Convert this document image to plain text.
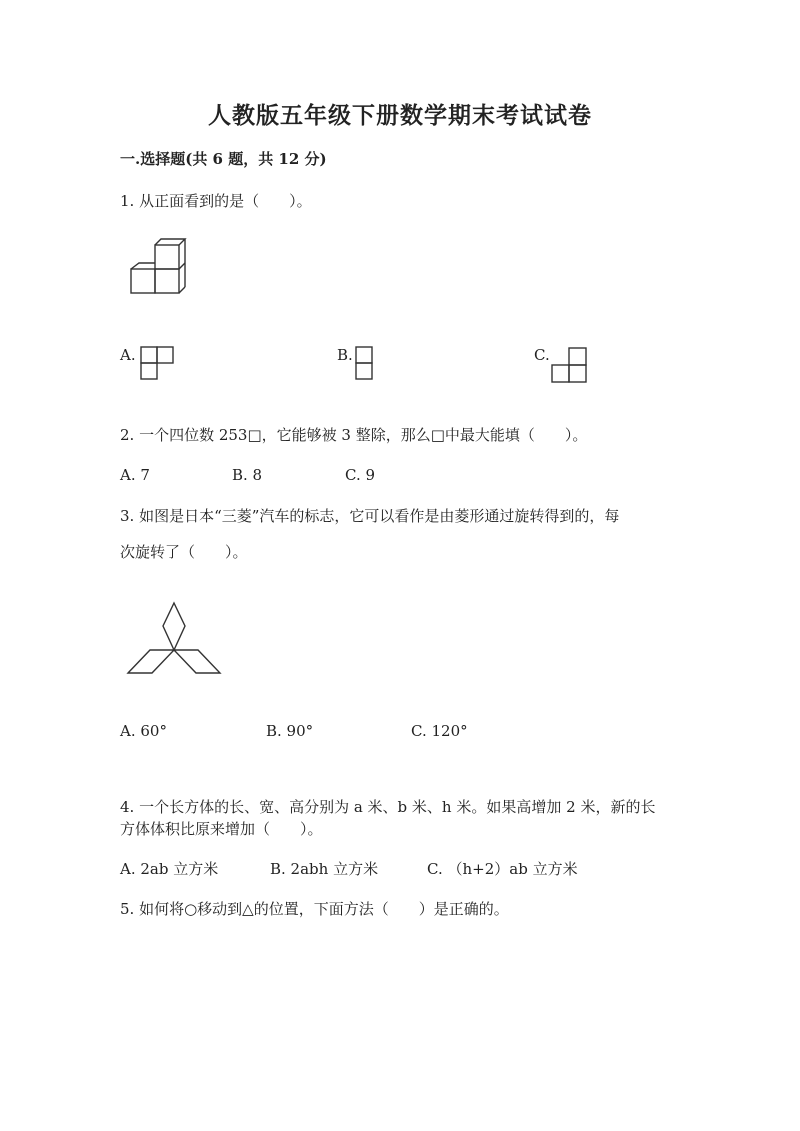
人教版五年级下册数学期末考试试卷
一.选择题(共 6 题，共 12 分)
1. 从正面看到的是（　　）。
A.	B.	C.
2. 一个四位数 253□，它能够被 3 整除，那么□中最大能填（　　）。
A. 7	B. 8	C. 9
3. 如图是日本“三菱”汽车的标志，它可以看作是由菱形通过旋转得到的，每
次旋转了（　　）。
A. 60°	B. 90°	C. 120°
4. 一个长方体的长、宽、高分别为 a 米、b 米、h 米。如果高增加 2 米，新的长
方体体积比原来增加（　　）。
A. 2ab 立方米	B. 2abh 立方米	C. （h+2）ab 立方米
5. 如何将○移动到△的位置，下面方法（　　）是正确的。
